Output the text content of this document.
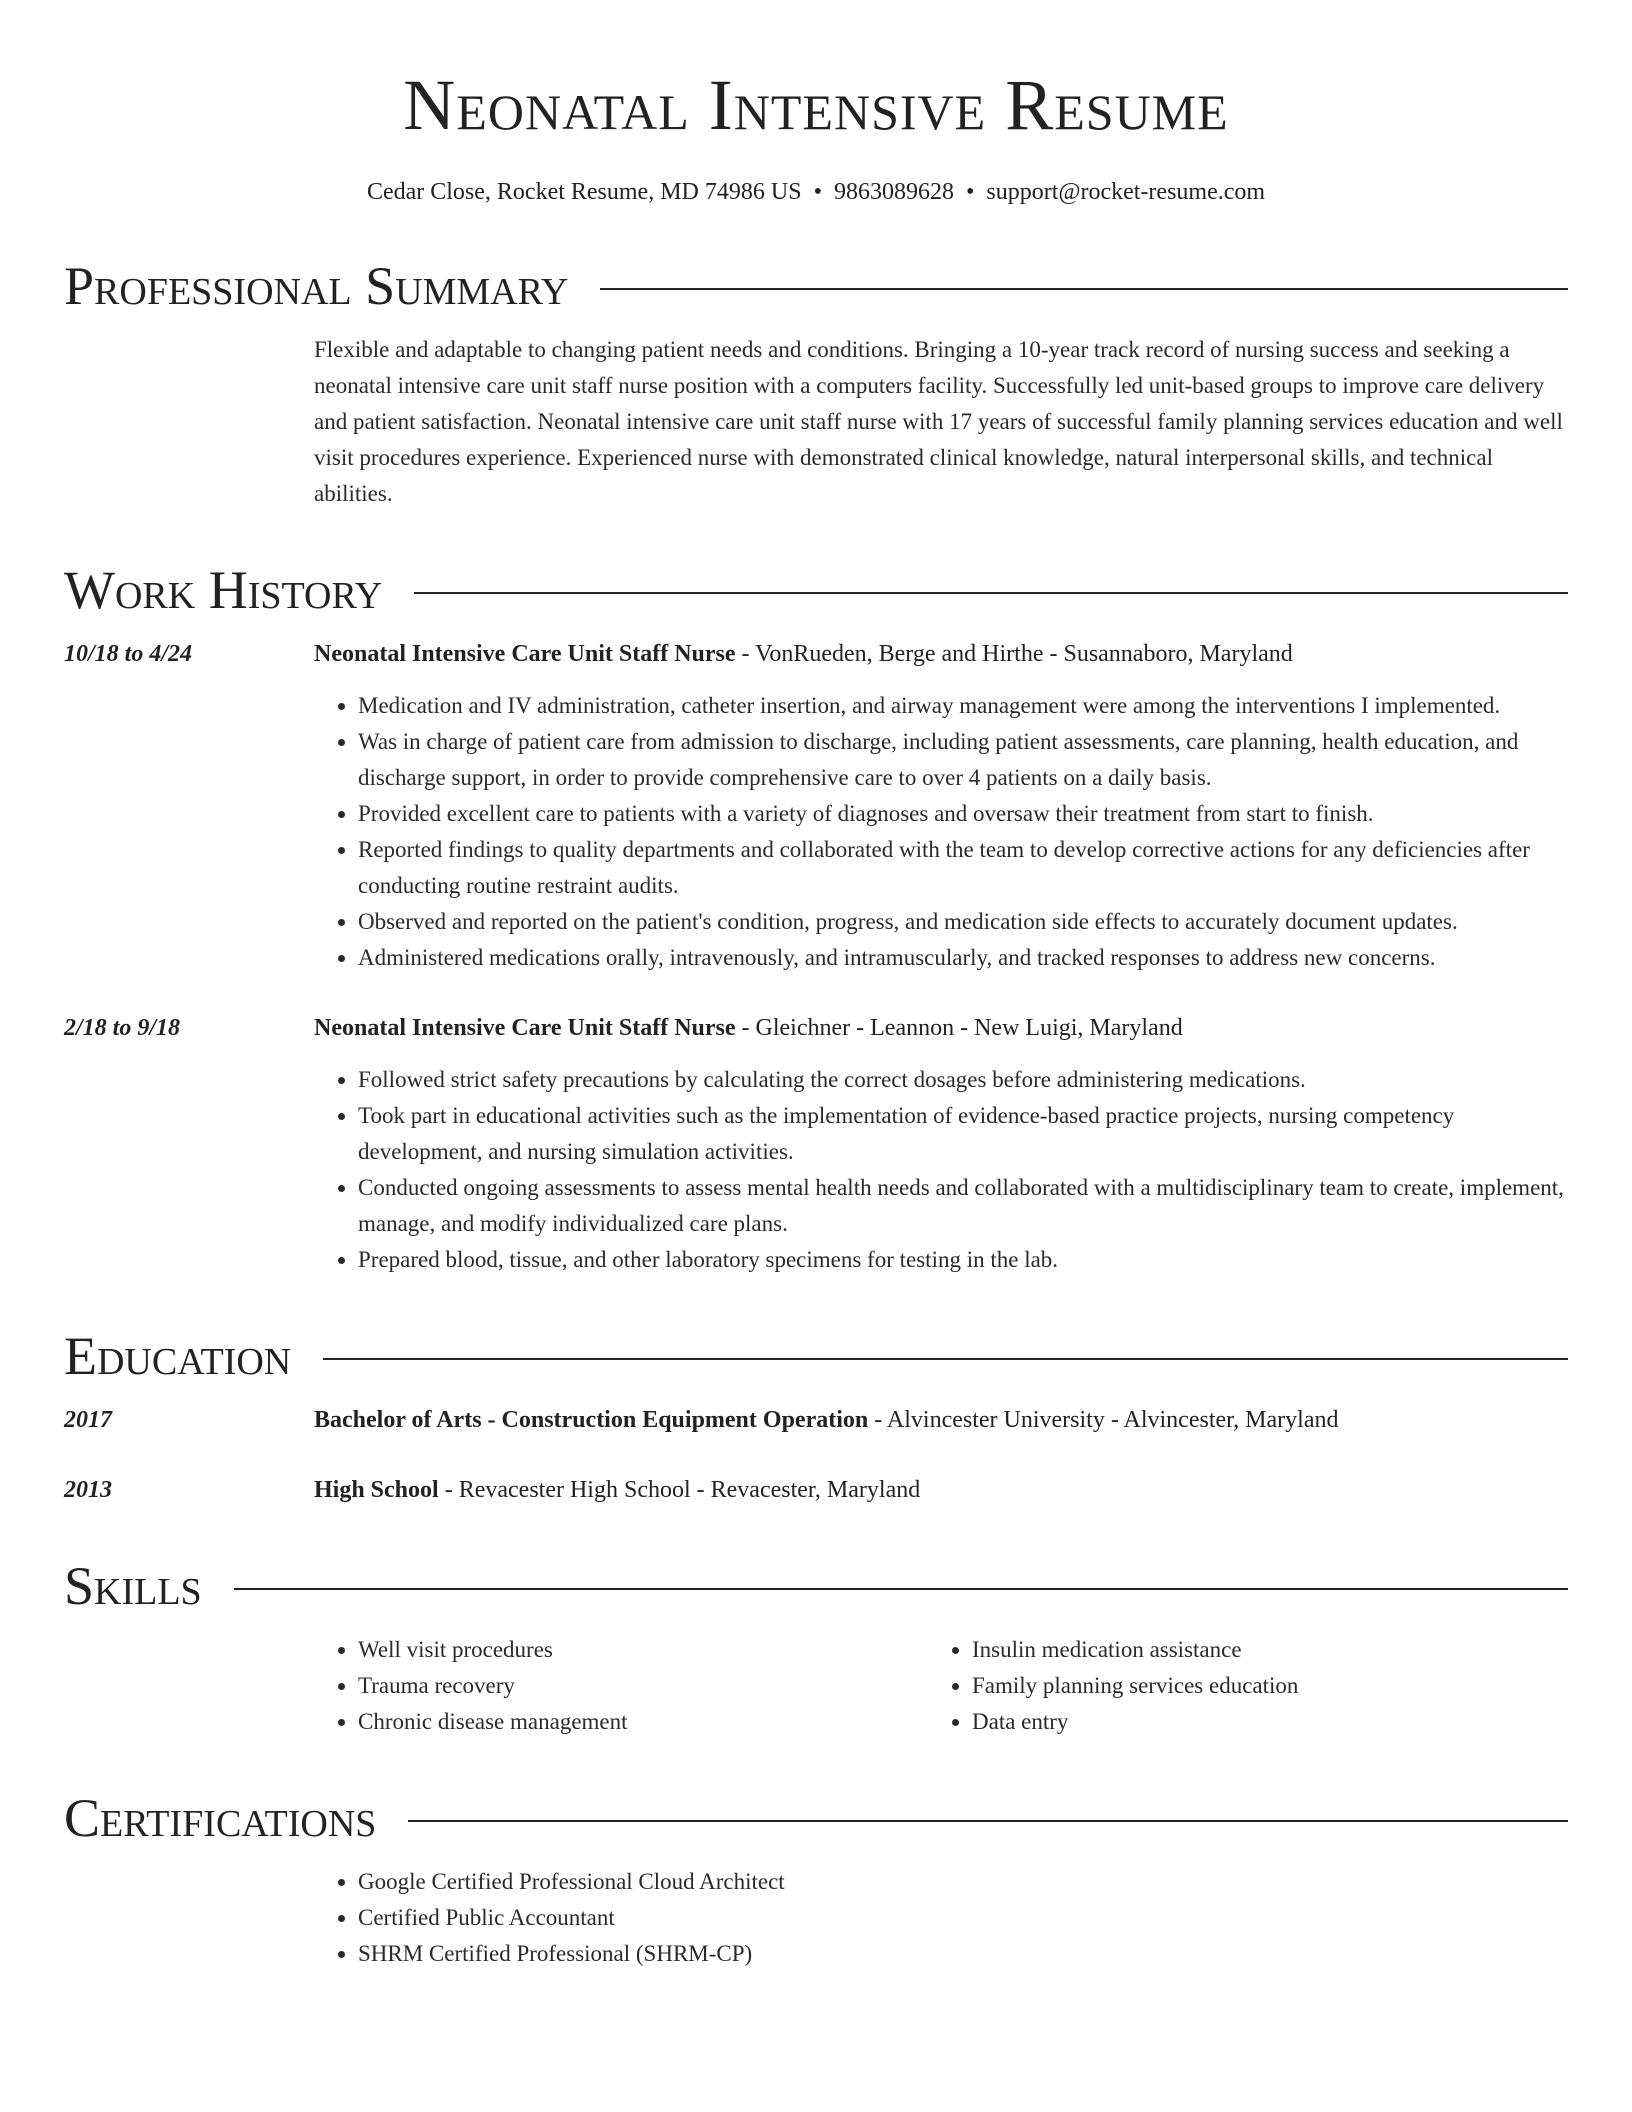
Neonatal Intensive Resume
Cedar Close, Rocket Resume, MD 74986 US • 9863089628 • support@rocket-resume.com
Professional Summary
Flexible and adaptable to changing patient needs and conditions. Bringing a 10-year track record of nursing success and seeking a neonatal intensive care unit staff nurse position with a computers facility. Successfully led unit-based groups to improve care delivery and patient satisfaction. Neonatal intensive care unit staff nurse with 17 years of successful family planning services education and well visit procedures experience. Experienced nurse with demonstrated clinical knowledge, natural interpersonal skills, and technical abilities.
Work History
10/18 to 4/24	Neonatal Intensive Care Unit Staff Nurse - VonRueden, Berge and Hirthe - Susannaboro, Maryland
• Medication and IV administration, catheter insertion, and airway management were among the interventions I implemented.
• Was in charge of patient care from admission to discharge, including patient assessments, care planning, health education, and discharge support, in order to provide comprehensive care to over 4 patients on a daily basis.
• Provided excellent care to patients with a variety of diagnoses and oversaw their treatment from start to finish.
• Reported findings to quality departments and collaborated with the team to develop corrective actions for any deficiencies after conducting routine restraint audits.
• Observed and reported on the patient's condition, progress, and medication side effects to accurately document updates.
• Administered medications orally, intravenously, and intramuscularly, and tracked responses to address new concerns.
2/18 to 9/18	Neonatal Intensive Care Unit Staff Nurse - Gleichner - Leannon - New Luigi, Maryland
• Followed strict safety precautions by calculating the correct dosages before administering medications.
• Took part in educational activities such as the implementation of evidence-based practice projects, nursing competency development, and nursing simulation activities.
• Conducted ongoing assessments to assess mental health needs and collaborated with a multidisciplinary team to create, implement, manage, and modify individualized care plans.
• Prepared blood, tissue, and other laboratory specimens for testing in the lab.
Education
2017	Bachelor of Arts - Construction Equipment Operation - Alvincester University - Alvincester, Maryland
2013	High School - Revacester High School - Revacester, Maryland
Skills
• Well visit procedures
• Trauma recovery
• Chronic disease management
• Insulin medication assistance
• Family planning services education
• Data entry
Certifications
• Google Certified Professional Cloud Architect
• Certified Public Accountant
• SHRM Certified Professional (SHRM-CP)
